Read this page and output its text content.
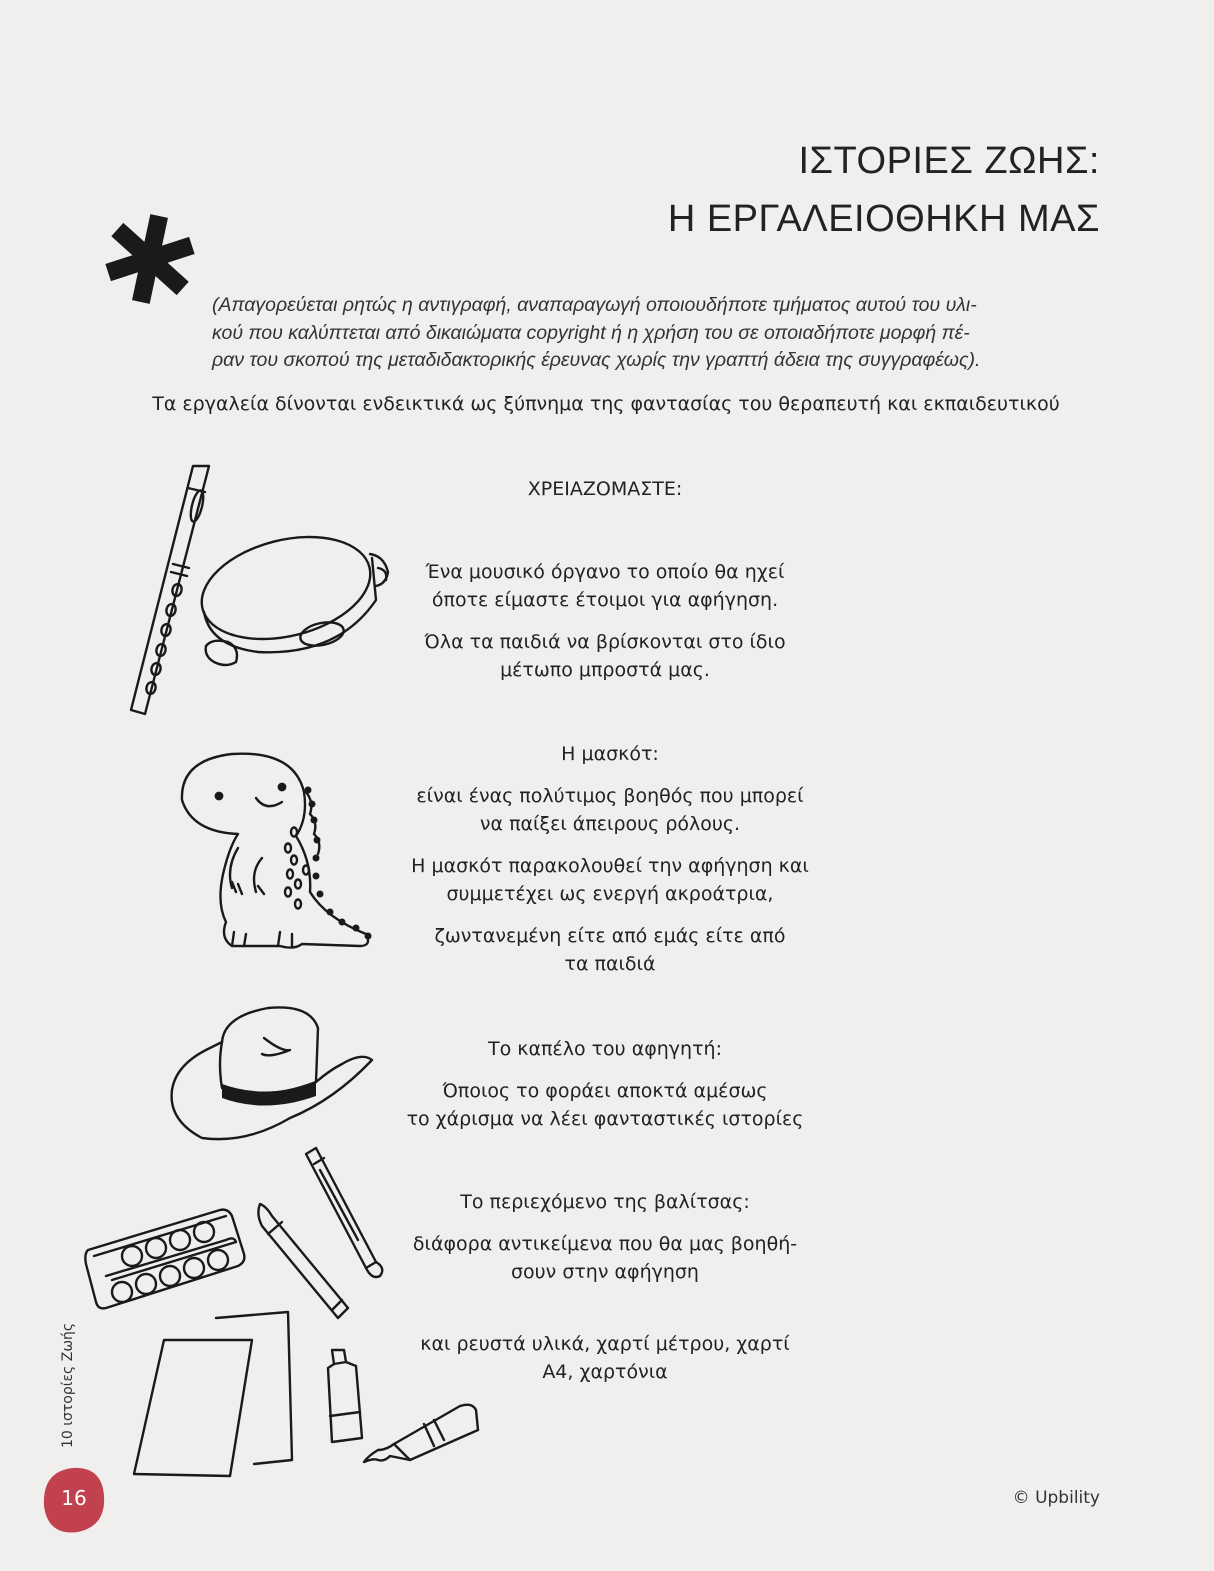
ΙΣΤΟΡΙΕΣ ΖΩΗΣ:
Η ΕΡΓΑΛΕΙΟΘΗΚΗ ΜΑΣ
(Απαγορεύεται ρητώς η αντιγραφή, αναπαραγωγή οποιουδήποτε τμήματος αυτού του υλι-
κού που καλύπτεται από δικαιώματα copyright ή η χρήση του σε οποιαδήποτε μορφή πέ-
ραν του σκοπού της μεταδιδακτορικής έρευνας χωρίς την γραπτή άδεια της συγγραφέως).
Τα εργαλεία δίνονται ενδεικτικά ως ξύπνημα της φαντασίας του θεραπευτή και εκπαιδευτικού

ΧΡΕΙΑΖΟΜΑΣΤΕ:

Ένα μουσικό όργανο το οποίο θα ηχεί

όποτε είμαστε έτοιμοι για αφήγηση.

Όλα τα παιδιά να βρίσκονται στο ίδιο

μέτωπο μπροστά μας.

Η μασκότ:

είναι ένας πολύτιμος βοηθός που μπορεί

να παίξει άπειρους ρόλους.

Η μασκότ παρακολουθεί την αφήγηση και

συμμετέχει ως ενεργή ακροάτρια,

ζωντανεμένη είτε από εμάς είτε από

τα παιδιά

Το καπέλο του αφηγητή:

Όποιος το φοράει αποκτά αμέσως

το χάρισμα να λέει φανταστικές ιστορίες

Το περιεχόμενο της βαλίτσας:

διάφορα αντικείμενα που θα μας βοηθή-

σουν στην αφήγηση

και ρευστά υλικά, χαρτί μέτρου, χαρτί

A4, χαρτόνια

10 ιστορίες Ζωής
16	© Upbility
